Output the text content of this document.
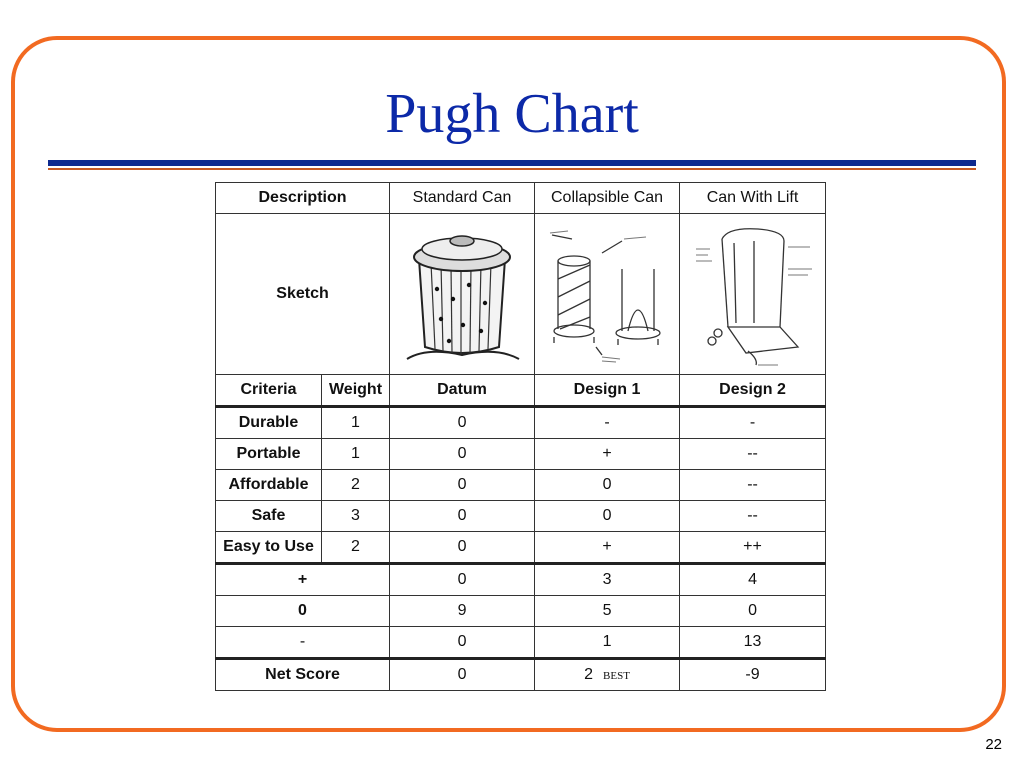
Pugh Chart
Description		Standard Can	Collapsible Can	Can With Lift
Sketch	

Criteria	Weight	Datum	Design 1	Design 2
Durable	1	0	-	-
Portable	1	0	+	--
Affordable	2	0	0	--
Safe	3	0	0	--
Easy to Use	2	0	+	++
+		0	3	4
0		9	5	0
-		0	1	13
Net Score		0	2 BEST	-9
22
